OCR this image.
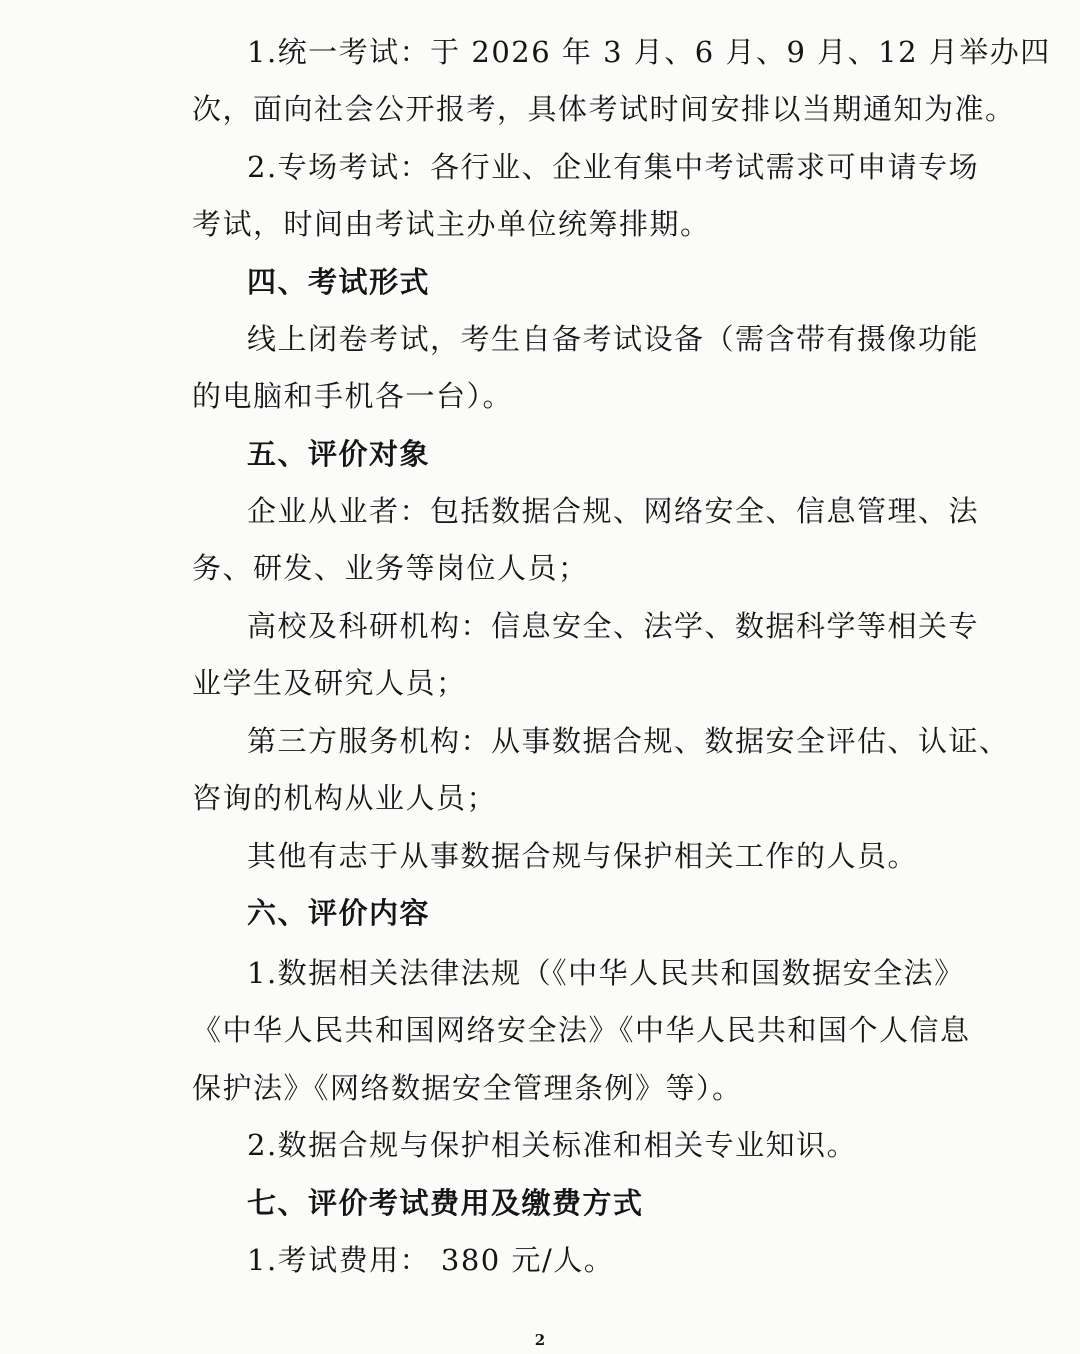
1.统一考试：于 2026 年 3 月、6 月、9 月、12 月举办四
次，面向社会公开报考，具体考试时间安排以当期通知为准。
2.专场考试：各行业、企业有集中考试需求可申请专场
考试，时间由考试主办单位统筹排期。
四、考试形式
线上闭卷考试，考生自备考试设备（需含带有摄像功能
的电脑和手机各一台）。
五、评价对象
企业从业者：包括数据合规、网络安全、信息管理、法
务、研发、业务等岗位人员；
高校及科研机构：信息安全、法学、数据科学等相关专
业学生及研究人员；
第三方服务机构：从事数据合规、数据安全评估、认证、
咨询的机构从业人员；
其他有志于从事数据合规与保护相关工作的人员。
六、评价内容
1.数据相关法律法规（《中华人民共和国数据安全法》
《中华人民共和国网络安全法》《中华人民共和国个人信息
保护法》《网络数据安全管理条例》等）。
2.数据合规与保护相关标准和相关专业知识。
七、评价考试费用及缴费方式
1.考试费用： 380 元/人。
2
